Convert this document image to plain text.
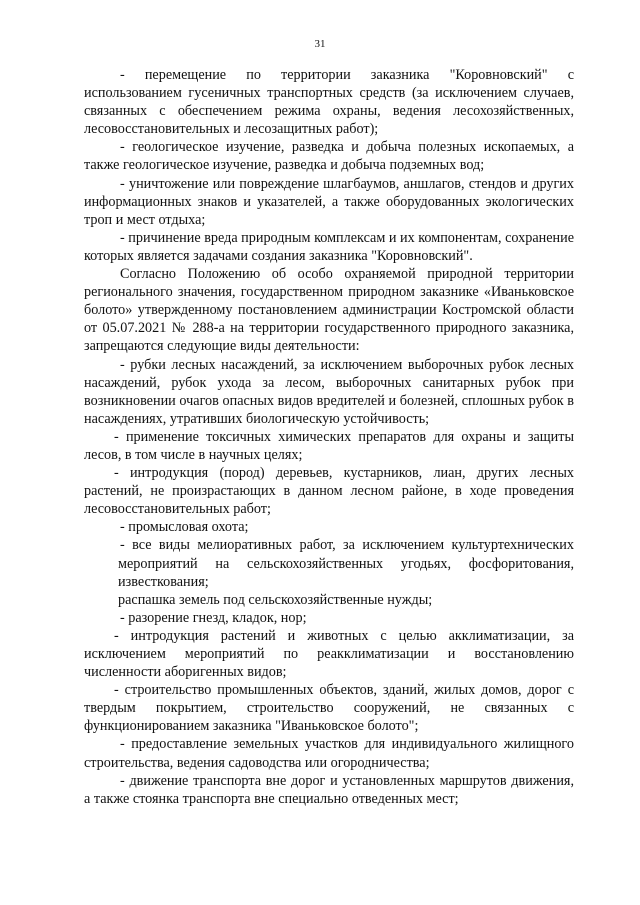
31

- перемещение по территории заказника "Коровновский" с использованием гусеничных транспортных средств (за исключением случаев, связанных с обеспечением режима охраны, ведения лесохозяйственных, лесовосстановительных и лесозащитных работ);

- геологическое изучение, разведка и добыча полезных ископаемых, а также геологическое изучение, разведка и добыча подземных вод;

- уничтожение или повреждение шлагбаумов, аншлагов, стендов и других информационных знаков и указателей, а также оборудованных экологических троп и мест отдыха;

- причинение вреда природным комплексам и их компонентам, сохранение которых является задачами создания заказника "Коровновский".

Согласно Положению об особо охраняемой природной территории регионального значения, государственном природном заказнике «Иваньковское болото» утвержденному постановлением администрации Костромской области от 05.07.2021 № 288-а на территории государственного природного заказника, запрещаются следующие виды деятельности:

- рубки лесных насаждений, за исключением выборочных рубок лесных насаждений, рубок ухода за лесом, выборочных санитарных рубок при возникновении очагов опасных видов вредителей и болезней, сплошных рубок в насаждениях, утративших биологическую устойчивость;

- применение токсичных химических препаратов для охраны и защиты лесов, в том числе в научных целях;

- интродукция (пород) деревьев, кустарников, лиан, других лесных растений, не произрастающих в данном лесном районе, в ходе проведения лесовосстановительных работ;

- промысловая охота;

- все виды мелиоративных работ, за исключением культуртехнических мероприятий на сельскохозяйственных угодьях, фосфоритования, известкования;

распашка земель под сельскохозяйственные нужды;

- разорение гнезд, кладок, нор;

- интродукция растений и животных с целью акклиматизации, за исключением мероприятий по реакклиматизации и восстановлению численности аборигенных видов;

- строительство промышленных объектов, зданий, жилых домов, дорог с твердым покрытием, строительство сооружений, не связанных с функционированием заказника "Иваньковское болото";

- предоставление земельных участков для индивидуального жилищного строительства, ведения садоводства или огородничества;

- движение транспорта вне дорог и установленных маршрутов движения, а также стоянка транспорта вне специально отведенных мест;
